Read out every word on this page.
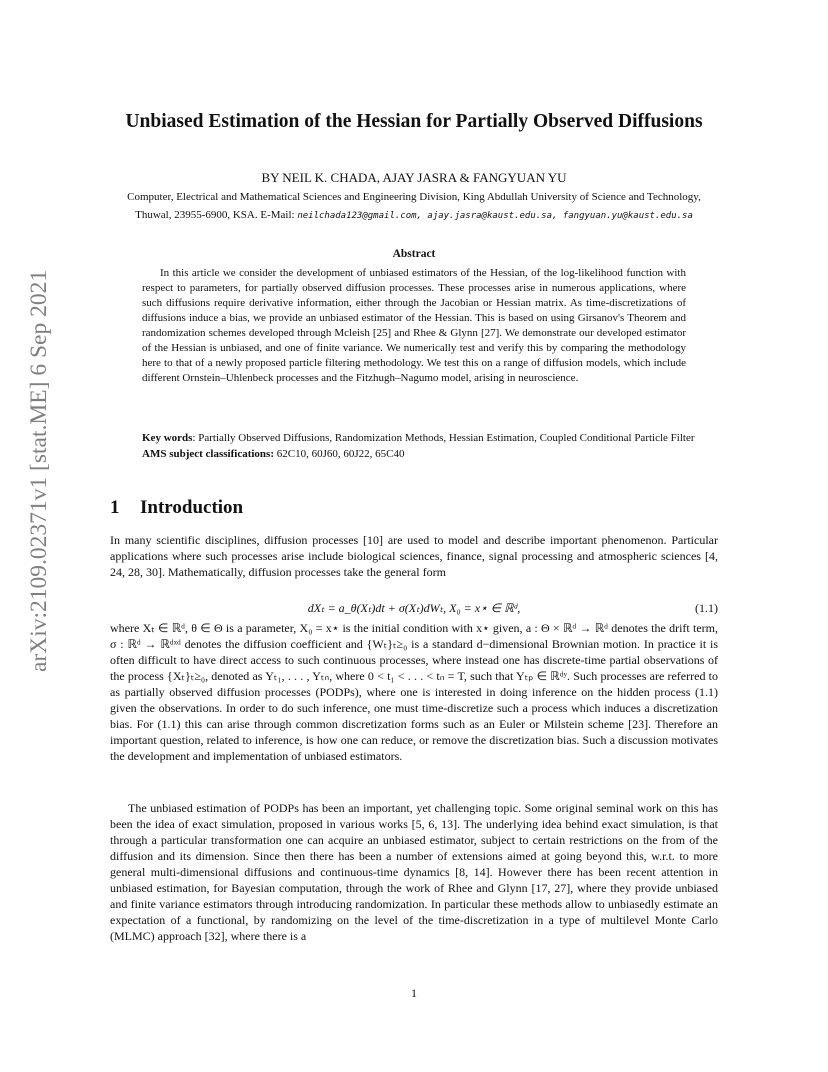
arXiv:2109.02371v1 [stat.ME] 6 Sep 2021
Unbiased Estimation of the Hessian for Partially Observed Diffusions
BY NEIL K. CHADA, AJAY JASRA & FANGYUAN YU
Computer, Electrical and Mathematical Sciences and Engineering Division, King Abdullah University of Science and Technology, Thuwal, 23955-6900, KSA. E-Mail: neilchada123@gmail.com, ajay.jasra@kaust.edu.sa, fangyuan.yu@kaust.edu.sa
Abstract
In this article we consider the development of unbiased estimators of the Hessian, of the log-likelihood function with respect to parameters, for partially observed diffusion processes. These processes arise in numerous applications, where such diffusions require derivative information, either through the Jacobian or Hessian matrix. As time-discretizations of diffusions induce a bias, we provide an unbiased estimator of the Hessian. This is based on using Girsanov's Theorem and randomization schemes developed through Mcleish [25] and Rhee & Glynn [27]. We demonstrate our developed estimator of the Hessian is unbiased, and one of finite variance. We numerically test and verify this by comparing the methodology here to that of a newly proposed particle filtering methodology. We test this on a range of diffusion models, which include different Ornstein–Uhlenbeck processes and the Fitzhugh–Nagumo model, arising in neuroscience.
Key words: Partially Observed Diffusions, Randomization Methods, Hessian Estimation, Coupled Conditional Particle Filter
AMS subject classifications: 62C10, 60J60, 60J22, 65C40
1 Introduction
In many scientific disciplines, diffusion processes [10] are used to model and describe important phenomenon. Particular applications where such processes arise include biological sciences, finance, signal processing and atmospheric sciences [4, 24, 28, 30]. Mathematically, diffusion processes take the general form
dXₜ = a_θ(Xₜ)dt + σ(Xₜ)dWₜ, X₀ = x⋆ ∈ ℝᵈ,	(1.1)
where Xₜ ∈ ℝᵈ, θ ∈ Θ is a parameter, X₀ = x⋆ is the initial condition with x⋆ given, a : Θ × ℝᵈ → ℝᵈ denotes the drift term, σ : ℝᵈ → ℝᵈˣᵈ denotes the diffusion coefficient and {Wₜ}ₜ≥₀ is a standard d−dimensional Brownian motion. In practice it is often difficult to have direct access to such continuous processes, where instead one has discrete-time partial observations of the process {Xₜ}ₜ≥₀, denoted as Yₜ₁, . . . , Yₜₙ, where 0 < t₁ < . . . < tₙ = T, such that Yₜₚ ∈ ℝᵈʸ. Such processes are referred to as partially observed diffusion processes (PODPs), where one is interested in doing inference on the hidden process (1.1) given the observations. In order to do such inference, one must time-discretize such a process which induces a discretization bias. For (1.1) this can arise through common discretization forms such as an Euler or Milstein scheme [23]. Therefore an important question, related to inference, is how one can reduce, or remove the discretization bias. Such a discussion motivates the development and implementation of unbiased estimators.
The unbiased estimation of PODPs has been an important, yet challenging topic. Some original seminal work on this has been the idea of exact simulation, proposed in various works [5, 6, 13]. The underlying idea behind exact simulation, is that through a particular transformation one can acquire an unbiased estimator, subject to certain restrictions on the from of the diffusion and its dimension. Since then there has been a number of extensions aimed at going beyond this, w.r.t. to more general multi-dimensional diffusions and continuous-time dynamics [8, 14]. However there has been recent attention in unbiased estimation, for Bayesian computation, through the work of Rhee and Glynn [17, 27], where they provide unbiased and finite variance estimators through introducing randomization. In particular these methods allow to unbiasedly estimate an expectation of a functional, by randomizing on the level of the time-discretization in a type of multilevel Monte Carlo (MLMC) approach [32], where there is a
1
